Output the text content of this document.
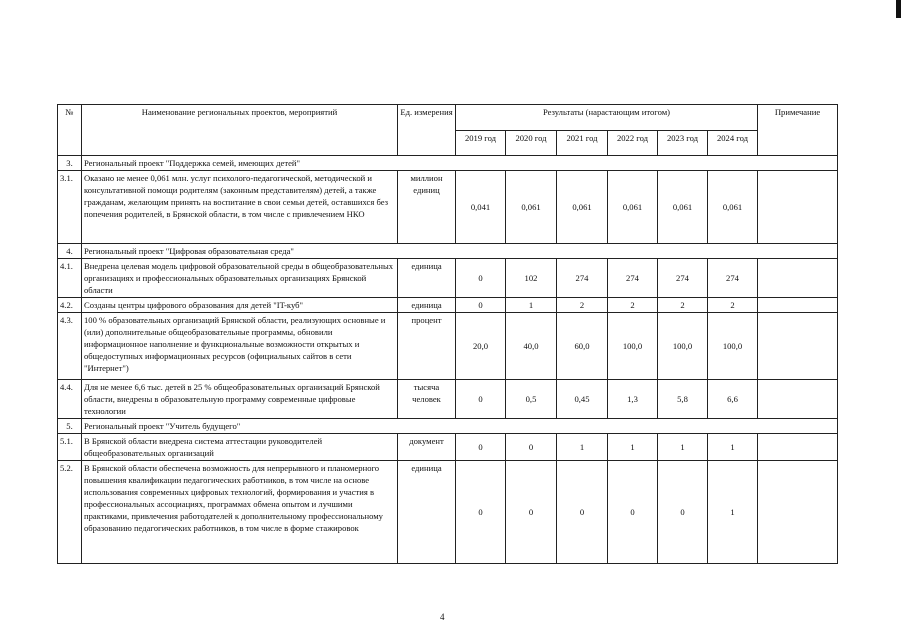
№	Наименование региональных проектов, мероприятий	Ед. измерения	Результаты (нарастающим итогом)						Примечание
			2019 год	2020 год	2021 год	2022 год	2023 год	2024 год	
3.	Региональный проект "Поддержка семей, имеющих детей"								
3.1.	Оказано не менее 0,061 млн. услуг психолого-педагогической, методической и консультативной помощи родителям (законным представителям) детей, а также гражданам, желающим принять на воспитание в свои семьи детей, оставшихся без попечения родителей, в Брянской области, в том числе с привлечением НКО	миллион единиц	0,041	0,061	0,061	0,061	0,061	0,061	
4.	Региональный проект "Цифровая образовательная среда"								
4.1.	Внедрена целевая модель цифровой образовательной среды в общеобразовательных организациях и профессиональных образовательных организациях Брянской области	единица	0	102	274	274	274	274	
4.2.	Созданы центры цифрового образования для детей "IT-куб"	единица	0	1	2	2	2	2	
4.3.	100 % образовательных организаций Брянской области, реализующих основные и (или) дополнительные общеобразовательные программы, обновили информационное наполнение и функциональные возможности открытых и общедоступных информационных ресурсов (официальных сайтов в сети "Интернет")	процент	20,0	40,0	60,0	100,0	100,0	100,0	
4.4.	Для не менее 6,6 тыс. детей в 25 % общеобразовательных организаций Брянской области, внедрены в образовательную программу современные цифровые технологии	тысяча человек	0	0,5	0,45	1,3	5,8	6,6	
5.	Региональный проект "Учитель будущего"								
5.1.	В Брянской области внедрена система аттестации руководителей общеобразовательных организаций	документ	0	0	1	1	1	1	
5.2.	В Брянской области обеспечена возможность для непрерывного и планомерного повышения квалификации педагогических работников, в том числе на основе использования современных цифровых технологий, формирования и участия в профессиональных ассоциациях, программах обмена опытом и лучшими практиками, привлечения работодателей к дополнительному профессиональному образованию педагогических работников, в том числе в форме стажировок	единица	0	0	0	0	0	1	
4
